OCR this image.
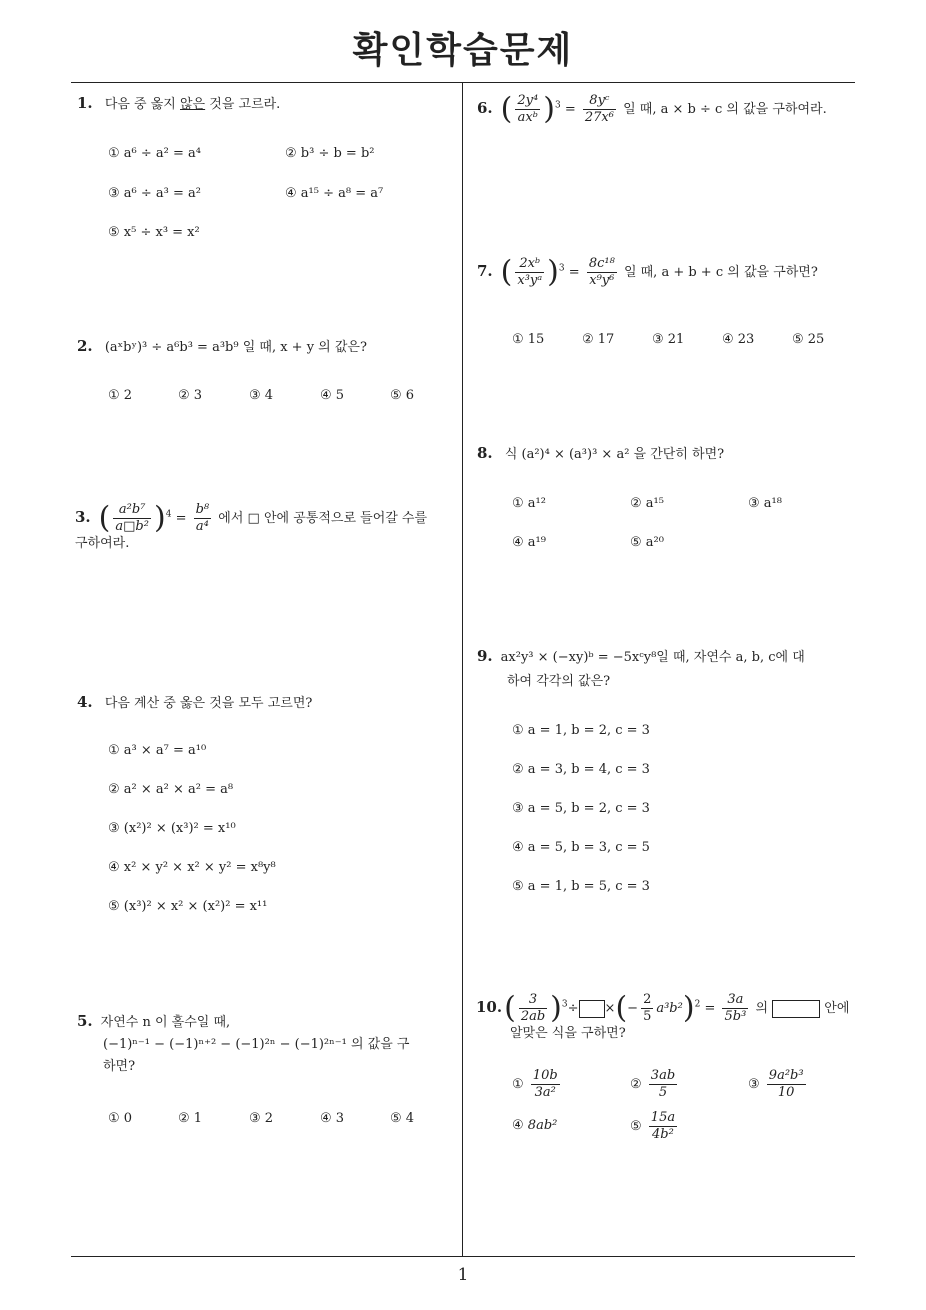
확인학습문제
1
1. 다음 중 옳지 않은 것을 고르라.
① a⁶ ÷ a² = a⁴	② b³ ÷ b = b²
③ a⁶ ÷ a³ = a²	④ a¹⁵ ÷ a⁸ = a⁷
⑤ x⁵ ÷ x³ = x²
2. (aˣbʸ)³ ÷ a⁶b³ = a³b⁹ 일 때, x + y 의 값은?
① 2	② 3	③ 4	④ 5	⑤ 6
3. ( $\frac{\text{a²b⁷}}{\text{a□b²}} )^4 = \frac{\text{b⁸}}{\text{a⁴}}$ 에서 □ 안에 공통적으로 들어갈 수를
구하여라.
4. 다음 계산 중 옳은 것을 모두 고르면?
① a³ × a⁷ = a¹⁰
② a² × a² × a² = a⁸
③ (x²)² × (x³)² = x¹⁰
④ x² × y² × x² × y² = x⁸y⁸
⑤ (x³)² × x² × (x²)² = x¹¹
5. 자연수 n 이 홀수일 때,
(−1)ⁿ⁻¹ − (−1)ⁿ⁺² − (−1)²ⁿ − (−1)²ⁿ⁻¹ 의 값을 구
하면?
① 0	② 1	③ 2	④ 3	⑤ 4
6. ( $\frac{\text{2y⁴}}{\text{axᵇ}} )^3 = \frac{\text{8yᶜ}}{\text{27x⁶}}$ 일 때, a × b ÷ c 의 값을 구하여라.
7. ( $\frac{\text{2xᵇ}}{\text{x³yᵃ}} )^3 = \frac{\text{8c¹⁸}}{\text{x⁹y⁶}}$ 일 때, a + b + c 의 값을 구하면?
① 15	② 17	③ 21	④ 23	⑤ 25
8. 식 (a²)⁴ × (a³)³ × a² 을 간단히 하면?
① a¹²	② a¹⁵	③ a¹⁸
④ a¹⁹	⑤ a²⁰
9. ax²y³ × (−xy)ᵇ = −5xᶜy⁸일 때, 자연수 a, b, c에 대
하여 각각의 값은?
① a = 1, b = 2, c = 3
② a = 3, b = 4, c = 3
③ a = 5, b = 2, c = 3
④ a = 5, b = 3, c = 5
⑤ a = 1, b = 5, c = 3
$10.( \frac{3}{2ab} )^3\div$ ×(− $\frac{2}{5} a^3b^2)^2 = \frac{3a}{\text{5b³}}$ 의	안에
알맞은 식을 구하면?
① $\frac{10b}{\text{3a²}}$	② $\frac{3ab}{5}$	③ $\frac{\text{9a²b³}}{10}$
④ 8ab²	⑤ $\frac{15a}{\text{4b²}}$
